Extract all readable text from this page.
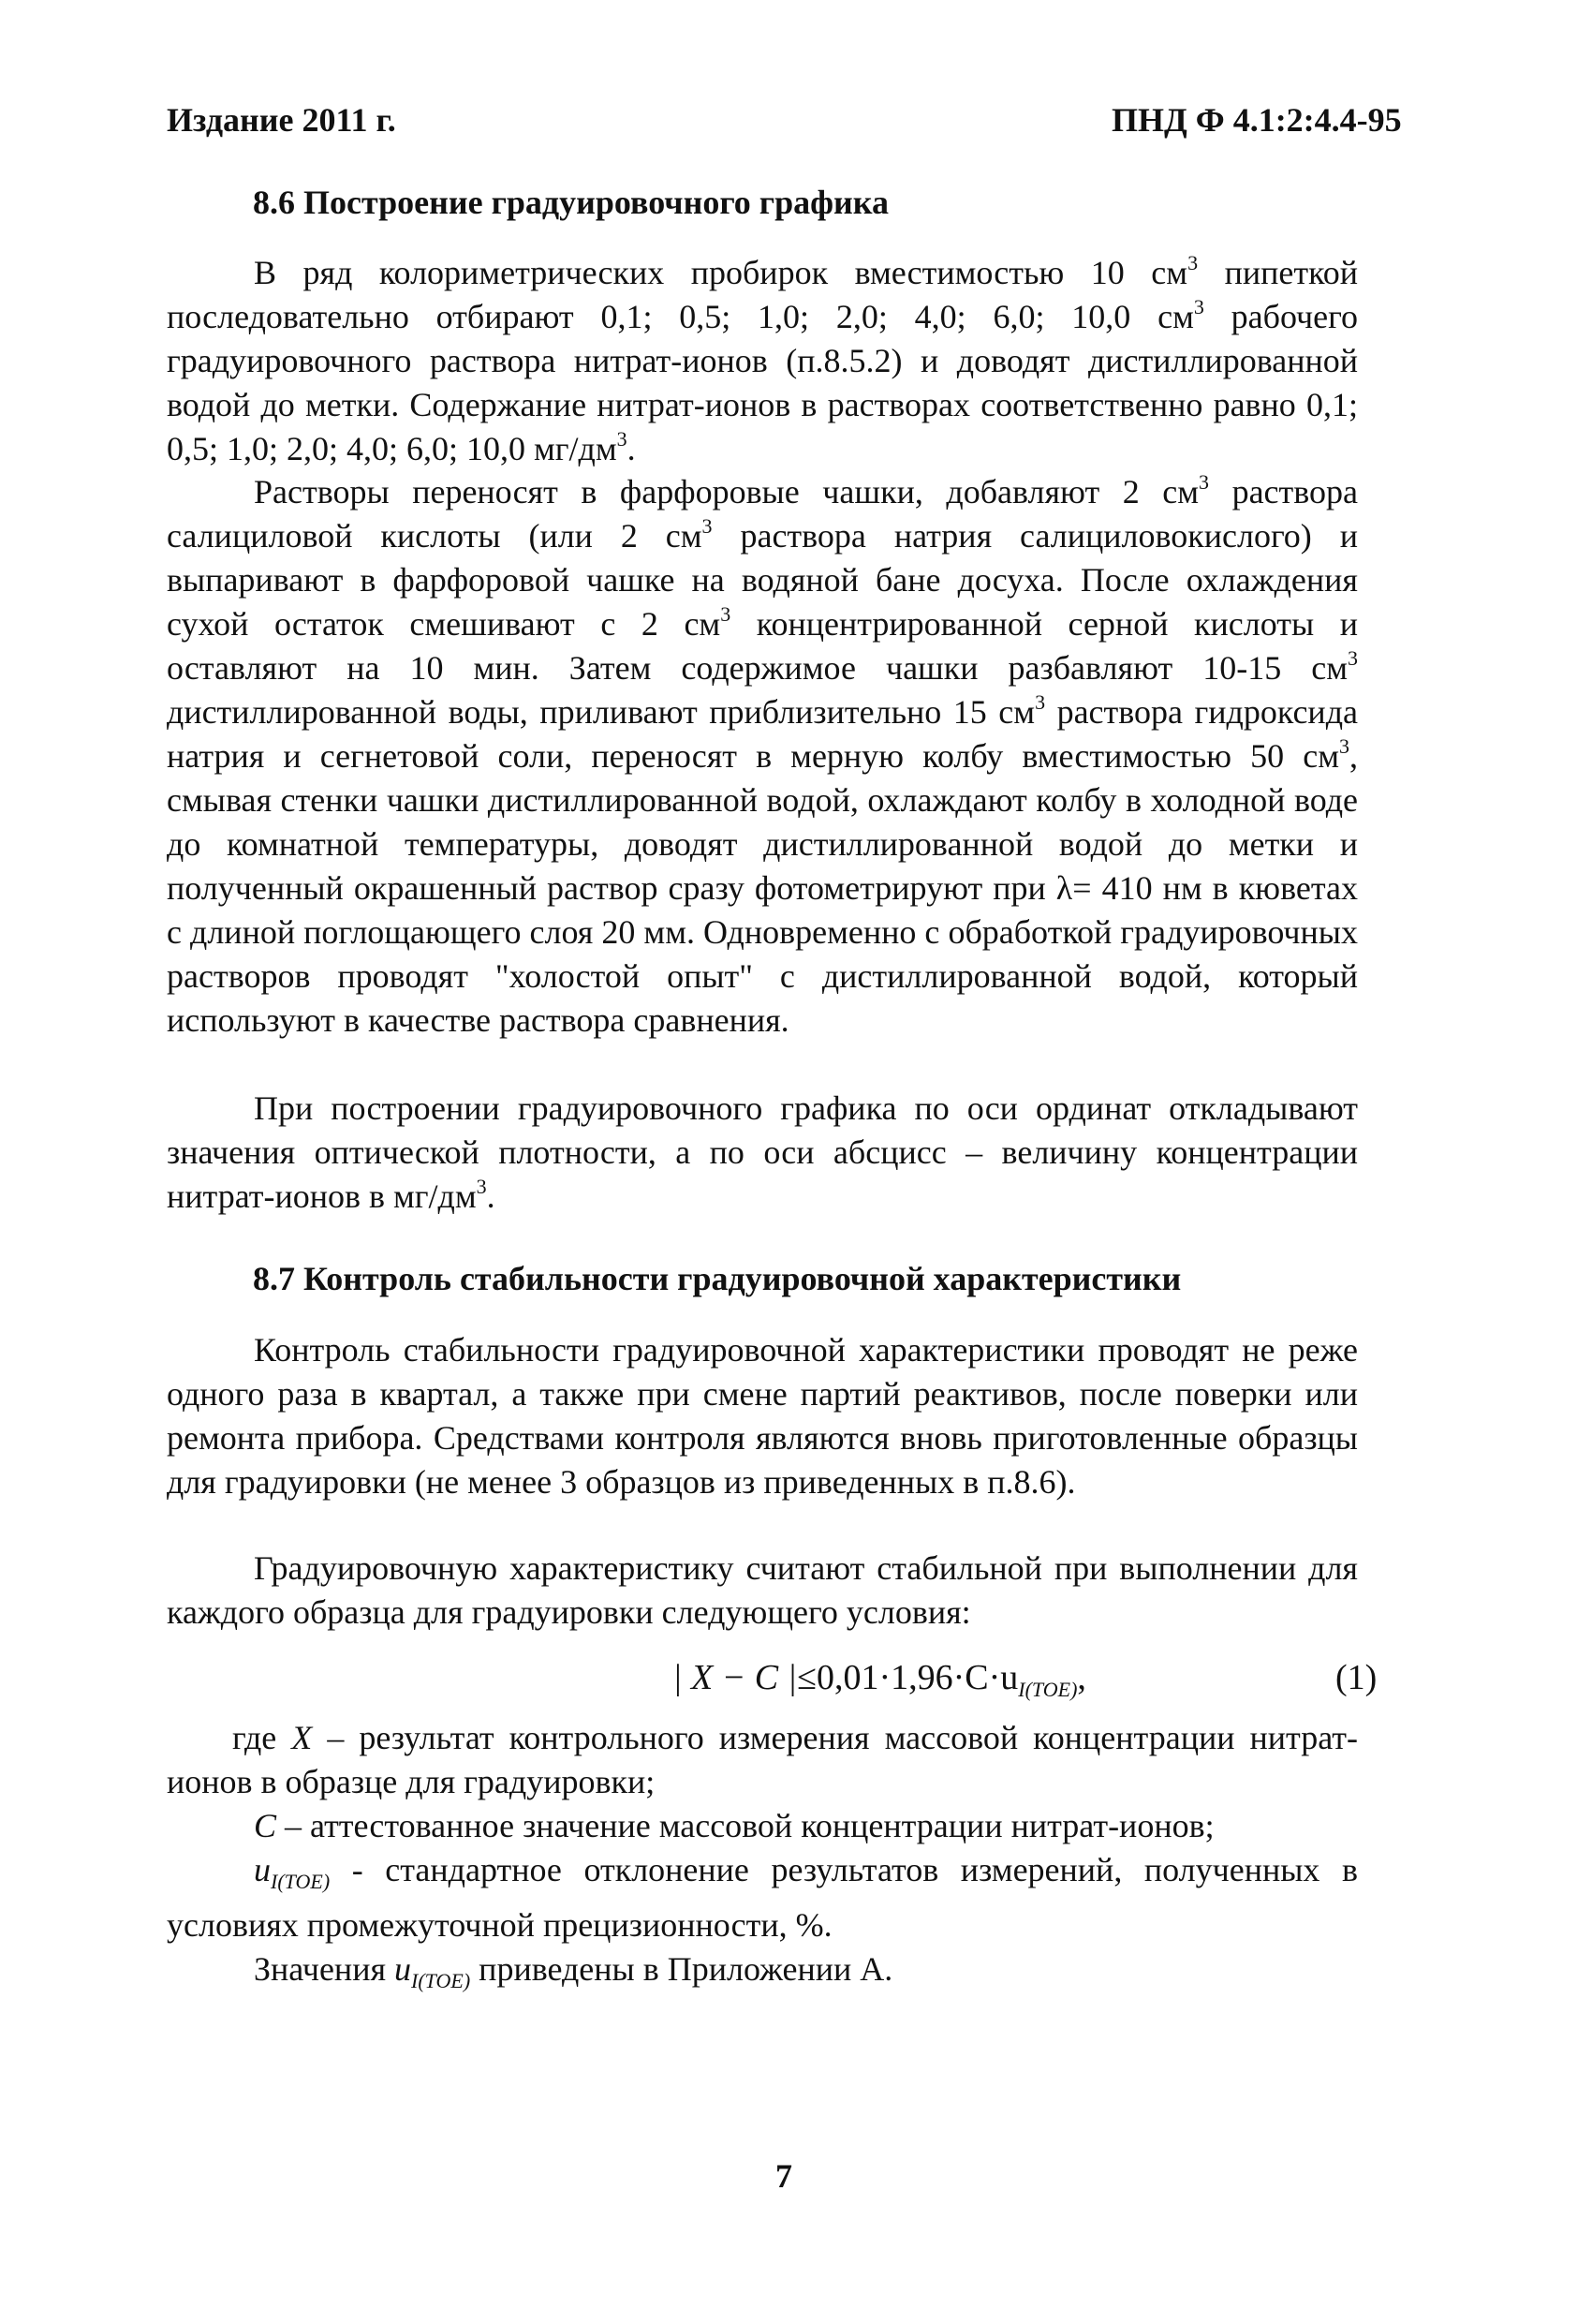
Издание 2011 г.	ПНД Ф 4.1:2:4.4-95
8.6 Построение градуировочного графика

В ряд колориметрических пробирок вместимостью 10 $см^3$ пипеткой последовательно отбирают 0,1; 0,5; 1,0; 2,0; 4,0; 6,0; 10,0 $см^3$ рабочего градуировочного раствора нитрат-ионов (п.8.5.2) и доводят дистиллированной водой до метки. Содержание нитрат-ионов в растворах соответственно равно 0,1; 0,5; 1,0; 2,0; 4,0; 6,0; 10,0 $мг/дм^3$.

Растворы переносят в фарфоровые чашки, добавляют 2 $см^3$ раствора салициловой кислоты (или 2 $см^3$ раствора натрия салициловокислого) и выпаривают в фарфоровой чашке на водяной бане досуха. После охлаждения сухой остаток смешивают с 2 $см^3$ концентрированной серной кислоты и оставляют на 10 мин. Затем содержимое чашки разбавляют 10-15 $см^3$ дистиллированной воды, приливают приблизительно 15 $см^3$ раствора гидроксида натрия и сегнетовой соли, переносят в мерную колбу вместимостью 50 $см^3$, смывая стенки чашки дистиллированной водой, охлаждают колбу в холодной воде до комнатной температуры, доводят дистиллированной водой до метки и полученный окрашенный раствор сразу фотометрируют при λ= 410 нм в кюветах с длиной поглощающего слоя 20 мм. Одновременно с обработкой градуировочных растворов проводят "холостой опыт" с дистиллированной водой, который используют в качестве раствора сравнения.

При построении градуировочного графика по оси ординат откладывают значения оптической плотности, а по оси абсцисс – величину концентрации нитрат-ионов в $мг/дм^3$.

8.7 Контроль стабильности градуировочной характеристики

Контроль стабильности градуировочной характеристики проводят не реже одного раза в квартал, а также при смене партий реактивов, после поверки или ремонта прибора. Средствами контроля являются вновь приготовленные образцы для градуировки (не менее 3 образцов из приведенных в п.8.6).

Градуировочную характеристику считают стабильной при выполнении для каждого образца для градуировки следующего условия:

| X − C $|\le 0,01\cdot 1,96\cdot C\cdot u_{I(TOE)}$,	(1)

где X – результат контрольного измерения массовой концентрации нитрат-ионов в образце для градуировки;

C – аттестованное значение массовой концентрации нитрат-ионов;

$u_{I(TOE)}$ - стандартное отклонение результатов измерений, полученных в условиях промежуточной прецизионности, %.

Значения $u_{I(TOE)}$ приведены в Приложении А.

7
